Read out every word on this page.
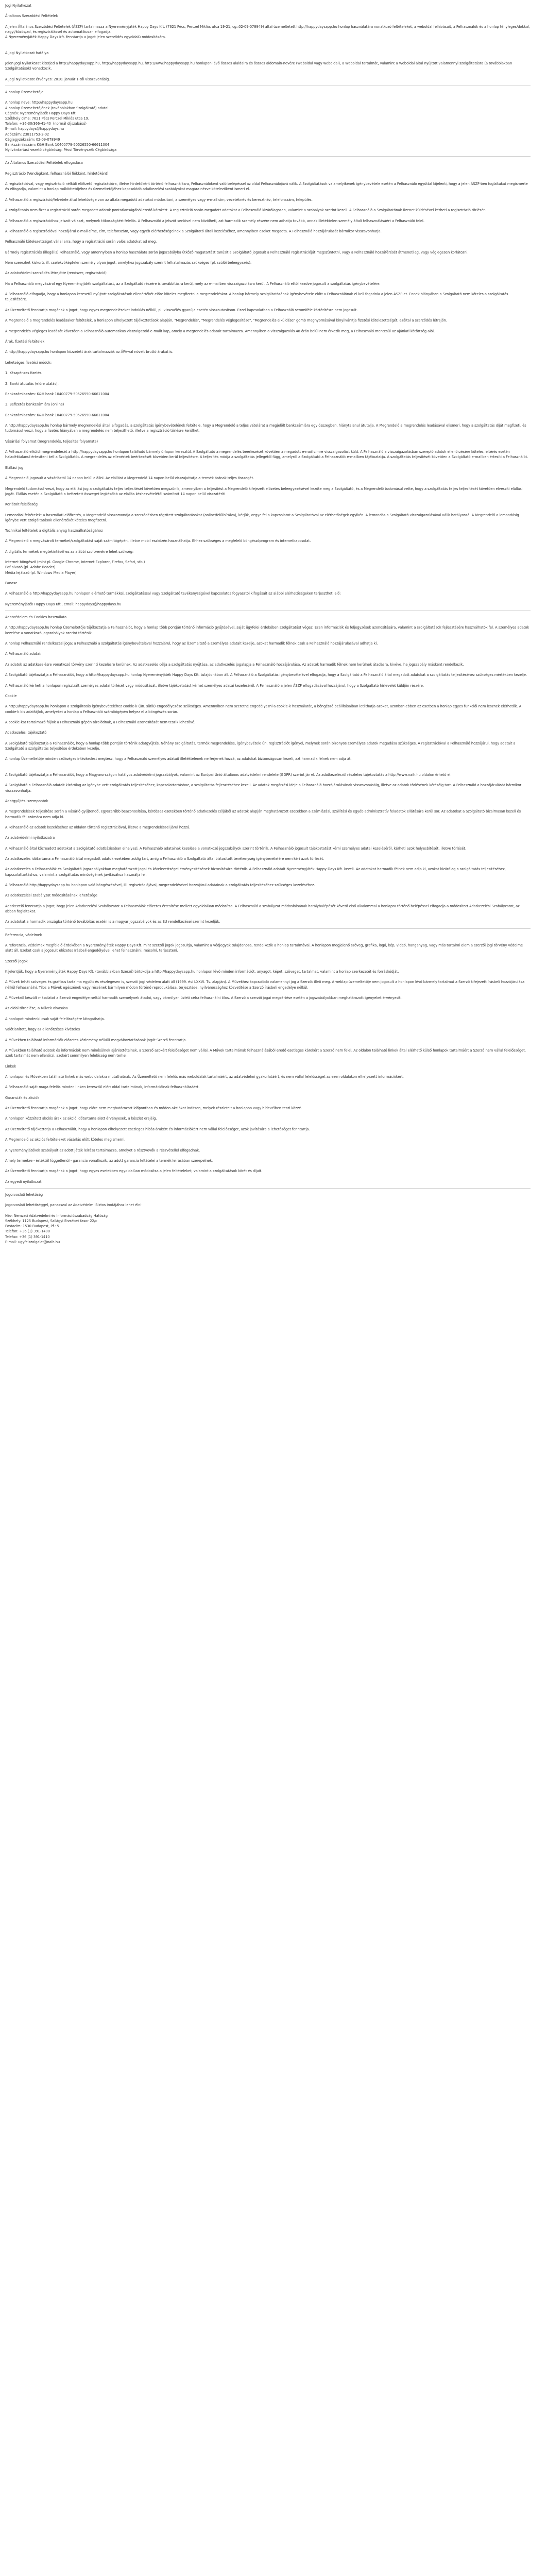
Jogi Nyilatkozat
Általános Szerződési Feltételek
A jelen Általános Szerződési Feltételek (ÁSZF) tartalmazza a Nyereményjáték Happy Days Kft. (7621 Pécs, Perczel Miklós utca 19-21, cg.:02-09-078949) által üzemeltetett http://happydaysapp.hu honlap használatára vonatkozó feltételeket, a weboldal felhívásait, a Felhasználók és a honlap tényleges/dokkal, nagyi/közös/ad, és regisztrálássel és automatikusan elfogadja.
A Nyereményjáték Happy Days Kft. fenntartja a jogot jelen szerződés egyoldalú módosítására.
A Jogi Nyilatkozat hatálya
Jelen Jogi Nyilatkozat kiterjed a http://happydaysapp.hu, http://happydaysapp.hu, http://www.happydaysapp.hu honlapon lévő összes alaldalra és összes aldomain-nevére (Weboldal vagy weboldal), a Weboldal tartalmát, valamint a Weboldal által nyújtott valamennyi szolgáltatásra (a továbbiakban Szolgáltatások) vonatkozik.
A Jogi Nyilatkozat érvényes: 2010. január 1-től visszavonásig.
A honlap üzemeltetője
A honlap neve: http://happydaysapp.hu
A honlap üzemeltetőjének (továbbiakban Szolgáltató) adatai:
Cégnév: Nyereményjáték Happy Days Kft.
Székhely címe: 7621 Pécs Perczel Miklós utca 19.
Telefon: +36-30/366-41-40  (normál díjszabású)
E-mail: happydays@happydays.hu
Adószám: 23811753-2-02
Cégjegyzékszám: 02-09-078949
Bankszámlaszám: K&H Bank 10400779-50526550-66611004
Nyilvántartást vezető cégbíróság: Pécsi Törvényszék Cégbírósága
Az Általános Szerződési Feltételek elfogadása
Regisztráció (Vendégként, felhasználói fiókként, hirdetőként)
A regisztrációval, vagy regisztráció nélküli előfizető regisztrációra, illetve hirdetőként történő felhasználásra, Felhasználóként való belépéssel az oldal Felhasználójává válik. A Szolgáltatások valamelyikének igénybevétele esetén a Felhasználó egyúttal kijelenti, hogy a jelen ÁSZF-ben foglaltakat megismerte és elfogadja, valamint a honlap működtetőjéhez és üzemeltetőjéhez kapcsolódó adatkezelési szabályokat magára nézve kötelezőként ismeri el.
A Felhasználó a regisztráció/felvétele által lehetősége van az általa megadott adatokat módosítani, a személyes vagy e-mail cím, vezetéknév és keresztnév, telefonszám, település.
A szolgáltatás nem fizet a regisztráció során megadott adatok pontatlanságából eredő károkért. A regisztráció során megadott adatokat a Felhasználó kizárólagosan, valamint a szabályok szerint kezeli. A Felhasználó a Szolgáltatónak üzenet küldésével kérheti a regisztráció törlését.
A Felhasználó a regisztrációhoz jelszót választ, melynek titkosságáért felelős. A Felhasználó a jelszót senkivel nem közölheti, azt harmadik személy részére nem adhatja tovább, annak illetéktelen személy általi felhasználásáért a Felhasználó felel.
A Felhasználó a regisztrációval hozzájárul e-mail címe, cím, telefonszám, vagy egyéb elérhetőségeinek a Szolgáltató általi kezeléséhez, amennyiben ezeket megadta. A Felhasználó hozzájárulását bármikor visszavonhatja.
Felhasználó kötelezettséget vállal arra, hogy a regisztráció során valós adatokat ad meg.
Bármely regisztrációs (illegális) Felhasználó, vagy amennyiben a honlap használata során jogszabályba ütköző magatartást tanúsít a Szolgáltató jogosult a Felhasználó regisztrációját megszüntetni, vagy a Felhasználó hozzáférését átmenetileg, vagy véglegesen korlátozni.
Nem szerezhet kiskorú, ill. cselekvőképtelen személy olyan jogot, amelyhez jogszabály szerint felhatalmazás szükséges (pl. szülői beleegyezés).
Az adatvédelmi szerződés létrejötte (rendszer, regisztráció)
Ha a Felhasználó megvásárol egy Nyereményjáték szolgáltatást, az a Szolgáltató részére is továbbításra kerül, mely az e-mailben visszaigazolásra kerül. A Felhasználó ettől kezdve jogosult a szolgáltatás igénybevételére.
A Felhasználó elfogadja, hogy a honlapon keresztül nyújtott szolgáltatások ellenértékét előre köteles megfizetni a megrendeléskor. A honlap bármely szolgáltatásának igénybevétele előtt a Felhasználónak el kell fogadnia a jelen ÁSZF-et. Ennek hiányában a Szolgáltató nem köteles a szolgáltatás teljesítésére.
Az Üzemeltető fenntartja magának a jogot, hogy egyes megrendeléseket indoklás nélkül, pl. visszaélés gyanúja esetén visszautasítson. Ezzel kapcsolatban a Felhasználó semmiféle kártérítésre nem jogosult.
A Megrendelő a megrendelés leadásakor feltételek, a honlapon elhelyezett tájékoztatások alapján, "Megrendelés", "Megrendelés véglegesítése", "Megrendelés elküldése" gomb megnyomásával kinyilvánítja fizetési kötelezettségét, ezáltal a szerződés létrejön.
A megrendelés végleges leadását követően a Felhasználó automatikus visszaigazoló e-mailt kap, amely a megrendelés adatait tartalmazza. Amennyiben a visszaigazolás 48 órán belül nem érkezik meg, a Felhasználó mentesül az ajánlati kötöttség alól.
Árak, fizetési feltételek
A http://happydaysapp.hu honlapon közzétett árak tartalmazzák az ÁFA-val növelt bruttó árakat is.
Lehetséges fizetési módok:
1. Készpénzes fizetés
2. Banki átutalás (előre utalás),
Bankszámlaszám: K&H bank 10400779-50526550-66611004
3. Befizetés bankszámlára (online)
Bankszámlaszám: K&H bank 10400779-50526550-66611004
A http://happydaysapp.hu honlap bármely megrendelési általi elfogadás, a szolgáltatás igénybevételének feltétele, hogy a Megrendelő a teljes vételárat a megjelölt bankszámlára egy összegben, hiánytalanul átutalja. A Megrendelő a megrendelés leadásával elismeri, hogy a szolgáltatás díját megfizeti, és tudomásul veszi, hogy a fizetés hiányában a megrendelés nem teljesíthető, illetve a regisztráció törlésre kerülhet.
Vásárlási folyamat (megrendelés, teljesítés folyamata)
A Felhasználó elküldi megrendelését a http://happydaysapp.hu honlapon található bármely űrlapon keresztül. A Szolgáltató a megrendelés beérkezését követően a megadott e-mail címre visszaigazolást küld. A Felhasználó a visszaigazolásban szereplő adatok ellenőrzésére köteles, eltérés esetén haladéktalanul értesíteni kell a Szolgáltatót. A megrendelés az ellenérték beérkezését követően kerül teljesítésre. A teljesítés módja a szolgáltatás jellegétől függ, amelyről a Szolgáltató a Felhasználót e-mailben tájékoztatja. A szolgáltatás teljesítését követően a Szolgáltató e-mailben értesíti a Felhasználót.
Elállási jog
A Megrendelő jogosult a vásárlástól 14 napon belül elállni. Az elállást a Megrendelő 14 napon belül visszajuttatja a termék árának teljes összegét.
Megrendelő tudomásul veszi, hogy az elállási jog a szolgáltatás teljes teljesítését követően megszűnik, amennyiben a teljesítést a Megrendelő kifejezett előzetes beleegyezésével kezdte meg a Szolgáltató, és a Megrendelő tudomásul vette, hogy a szolgáltatás teljes teljesítését követően elveszíti elállási jogát. Elállás esetén a Szolgáltató a befizetett összeget legkésőbb az elállás kézhezvételétől számított 14 napon belül visszatéríti.
Korlátolt felelősség
Lemondási feltételek: a használati előfizetés, a Megrendelő visszamondja a szerződésben rögzített szolgáltatásokat (online/felülbírálva), kérjük, vegye fel a kapcsolatot a Szolgáltatóval az elérhetőségek egyikén. A lemondás a Szolgáltató visszaigazolásával válik hatályossá. A Megrendelő a lemondásig igénybe vett szolgáltatások ellenértékét köteles megfizetni.
Technikai feltételek a digitális anyag használhatóságához
A Megrendelő a megvásárolt terméket/szolgáltatást saját számítógépén, illetve mobil eszközén használhatja. Ehhez szükséges a megfelelő böngészőprogram és internetkapcsolat.
A digitális termékek megtekintéséhez az alábbi szoftverekre lehet szükség:
Internet böngésző (mint pl. Google Chrome, Internet Explorer, Firefox, Safari, stb.)
Pdf olvasó (pl. Adobe Reader)
Média lejátszó (pl. Windows Media Player)
Panasz
A Felhasználó a http://happydaysapp.hu honlapon elérhető termékkel, szolgáltatással vagy Szolgáltató tevékenységével kapcsolatos fogyasztói kifogásait az alábbi elérhetőségeken terjesztheti elő:
Nyereményjáték Happy Days Kft., email: happydays@happydays.hu
Adatvédelem és Cookies használata
A http://happydaysapp.hu honlap Üzemeltetője tájékoztatja a Felhasználót, hogy a honlap több pontján történő információ gyűjtésével, saját ügyfelei érdekében szolgáltatást végez. Ezen információk és feljegyzések azonosítására, valamint a szolgáltatások fejlesztésére használhatók fel. A személyes adatok kezelése a vonatkozó jogszabályok szerint történik.
A honlap Felhasználó rendelkezési joga: a Felhasználó a szolgáltatás igénybevételével hozzájárul, hogy az Üzemeltető a személyes adatait kezelje, azokat harmadik félnek csak a Felhasználó hozzájárulásával adhatja ki.
A Felhasználó adatai:
Az adatok az adatkezelésre vonatkozó törvény szerinti kezelésre kerülnek. Az adatkezelés célja a szolgáltatás nyújtása, az adatkezelés jogalapja a Felhasználó hozzájárulása. Az adatok harmadik félnek nem kerülnek átadásra, kivéve, ha jogszabály másként rendelkezik.
A Szolgáltató tájékoztatja a Felhasználót, hogy a http://happydaysapp.hu honlap Nyereményjáték Happy Days Kft. tulajdonában áll. A Felhasználó a Szolgáltatás igénybevételével elfogadja, hogy a Szolgáltató a Felhasználó által megadott adatokat a szolgáltatás teljesítéséhez szükséges mértékben kezelje.
A Felhasználó kérheti a honlapon regisztrált személyes adatai törlését vagy módosítását, illetve tájékoztatást kérhet személyes adatai kezeléséről. A Felhasználó a jelen ÁSZF elfogadásával hozzájárul, hogy a Szolgáltató hírlevelet küldjön részére.
Cookie
A http://happydaysapp.hu honlapon a szolgáltatás igénybevételéhez cookie-k (ún. sütik) engedélyezése szükséges. Amennyiben nem szeretné engedélyezni a cookie-k használatát, a böngésző beállításaiban letilthatja azokat, azonban ebben az esetben a honlap egyes funkciói nem lesznek elérhetők. A cookie-k kis adatfájlok, amelyeket a honlap a Felhasználó számítógépén helyez el a böngészés során.
A cookie-kat tartalmazó fájlok a Felhasználó gépén tárolódnak, a Felhasználó azonosítását nem teszik lehetővé.
Adatkezelési tájékoztató
A Szolgáltató tájékoztatja a Felhasználót, hogy a honlap több pontján történik adatgyűjtés. Néhány szolgáltatás, termék megrendelése, igénybevétele ún. regisztrációt igényel, melynek során bizonyos személyes adatok megadása szükséges. A regisztrációval a Felhasználó hozzájárul, hogy adatait a Szolgáltató a szolgáltatás teljesítése érdekében kezelje.
A honlap Üzemeltetője minden szükséges intézkedést megtesz, hogy a Felhasználó személyes adatait illetéktelenek ne férjenek hozzá, az adatokat biztonságosan kezeli, azt harmadik félnek nem adja át.
A Szolgáltató tájékoztatja a Felhasználót, hogy a Magyarországon hatályos adatvédelmi jogszabályok, valamint az Európai Unió általános adatvédelmi rendelete (GDPR) szerint jár el. Az adatkezelésről részletes tájékoztatás a http://www.naih.hu oldalon érhető el.
A Szolgáltató a Felhasználó adatait kizárólag az igénybe vett szolgáltatás teljesítéséhez, kapcsolattartáshoz, a szolgáltatás fejlesztéséhez kezeli. Az adatok megőrzési ideje a Felhasználó hozzájárulásának visszavonásáig, illetve az adatok törlésének kéréséig tart. A Felhasználó a hozzájárulását bármikor visszavonhatja.
Adatgyűjtési szempontok
A megrendelések teljesítése során a vásárló gyűjtendő, egyszerűbb beazonosítása, kérdéses esetekben történő adatkezelés céljából az adatok alapján meghatározott esetekben a számlázási, szállítási és egyéb adminisztratív feladatok ellátására kerül sor. Az adatokat a Szolgáltató bizalmasan kezeli és harmadik fél számára nem adja ki.
A Felhasználó az adatok kezeléséhez az oldalon történő regisztrációval, illetve a megrendeléssel járul hozzá.
Az adatvédelmi nyilatkozatra
A Felhasználó által közreadott adatokat a Szolgáltató adatbázisában elhelyezi. A Felhasználó adatainak kezelése a vonatkozó jogszabályok szerint történik. A Felhasználó jogosult tájékoztatást kérni személyes adatai kezeléséről, kérheti azok helyesbítését, illetve törlését.
Az adatkezelés időtartama a Felhasználó által megadott adatok esetében addig tart, amíg a Felhasználó a Szolgáltató által biztosított tevékenység igénybevételére nem kéri azok törlését.
Az adatkezelés a Felhasználók és Szolgáltató jogszabályokban meghatározott jogai és kötelezettségei érvényesítésének biztosítására történik. A Felhasználó adatait Nyereményjáték Happy Days Kft. kezeli. Az adatokat harmadik félnek nem adja ki, azokat kizárólag a szolgáltatás teljesítéséhez, kapcsolattartáshoz, valamint a szolgáltatás minőségének javításához használja fel.
A Felhasználó http://happydaysapp.hu honlapon való böngészésével, ill. regisztrációjával, megrendelésével hozzájárul adatainak a szolgáltatás teljesítéséhez szükséges kezeléséhez.
Az adatkezelési szabályzat módosításának lehetősége
Adatkezelő fenntartja a jogot, hogy jelen Adatkezelési Szabályzatot a Felhasználók előzetes értesítése mellett egyoldalúan módosítsa. A Felhasználó a szabályzat módosításának hatálybalépését követő első alkalommal a honlapra történő belépéssel elfogadja a módosított Adatkezelési Szabályzatot, az abban foglaltakat.
Az adatokat a harmadik országba történő továbbítás esetén is a magyar jogszabályok és az EU rendelkezései szerint kezeljük.
Referencia, védelmek
A referencia, védelmek megfelelő érdekében a Nyereményjáték Happy Days Kft. mint szerzői jogok jogosultja, valamint a védjegyek tulajdonosa, rendelkezik a honlap tartalmával. A honlapon megjelenő szöveg, grafika, logó, kép, videó, hanganyag, vagy más tartalmi elem a szerzői jogi törvény védelme alatt áll. Ezeket csak a jogosult előzetes írásbeli engedélyével lehet felhasználni, másolni, terjeszteni.
Szerzői jogok
Kijelentjük, hogy a Nyereményjáték Happy Days Kft. (továbbiakban Szerző) birtokolja a http://happydaysapp.hu honlapon lévő minden információt, anyagot, képet, szöveget, tartalmat, valamint a honlap szerkezetét és forráskódját.
A Művek tehát szöveges és grafikus tartalma együtt és részlegesen is, szerzői jogi védelem alatt áll (1999. évi LXXVI. Tv. alapján). A Művekhez kapcsolódó valamennyi jog a Szerzőt illeti meg. A weblap üzemeltetője nem jogosult a honlapon lévő bármely tartalmat a Szerző kifejezett írásbeli hozzájárulása nélkül felhasználni. Tilos a Művek egészének vagy részének bármilyen módon történő reprodukálása, terjesztése, nyilvánossághoz közvetítése a Szerző írásbeli engedélye nélkül.
A Művekről készült másolatot a Szerző engedélye nélkül harmadik személynek átadni, vagy bármilyen üzleti célra felhasználni tilos. A Szerző a szerzői jogai megsértése esetén a jogszabályokban meghatározott igényeket érvényesíti.
Az oldal tördelése, a Művek olvasása
A honlapot mindenki csak saját felelősségére látogathatja.
Valótlanított, hogy az ellenőrzéses kivételes
A Művekben található információk előzetes közlemény nélküli megváltoztatásának jogát Szerző fenntartja.
A Művekben található adatok és információk nem minősülnek ajánlattételnek, a Szerző azokért felelősséget nem vállal. A Művek tartalmának felhasználásából eredő esetleges károkért a Szerző nem felel. Az oldalon található linkek által elérhető külső honlapok tartalmáért a Szerző nem vállal felelősséget, azok tartalmát nem ellenőrzi, azokért semmilyen felelősség nem terheli.
Linkek
A honlapon és Művekben található linkek más weboldalakra mutathatnak. Az Üzemeltető nem felelős más weboldalak tartalmáért, az adatvédelmi gyakorlatáért, és nem vállal felelősséget az ezen oldalakon elhelyezett információkért.
A Felhasználó saját maga felelős minden linken keresztül elért oldal tartalmának, információinak felhasználásáért.
Garanciák és akciók
Az Üzemeltető fenntartja magának a jogot, hogy előre nem meghatározott időpontban és módon akciókat indítson, melyek részleteit a honlapon vagy hírlevélben teszi közzé.
A honlapon közzétett akciós árak az akció időtartama alatt érvényesek, a készlet erejéig.
Az Üzemeltető tájékoztatja a Felhasználót, hogy a honlapon elhelyezett esetleges hibás árakért és információkért nem vállal felelősséget, azok javítására a lehetőséget fenntartja.
A Megrendelő az akciós feltételeket vásárlás előtt köteles megismerni.
A nyereményjátékok szabályait az adott játék leírása tartalmazza, amelyet a résztvevők a részvétellel elfogadnak.
Amely termékre - értéktől függetlenül - garancia vonatkozik, az adott garancia feltételei a termék leírásában szerepelnek.
Az Üzemeltető fenntartja magának a jogot, hogy egyes esetekben egyoldalúan módosítsa a jelen feltételeket, valamint a szolgáltatások körét és díjait.
Az egyedi nyilatkozat
Jogorvoslati lehetőség
Jogorvoslati lehetőséggel, panasszal az Adatvédelmi Biztos irodájához lehet élni:
Név: Nemzeti Adatvédelmi és Információszabadság Hatóság
Székhely: 1125 Budapest, Szilágyi Erzsébet fasor 22/c
Postacím: 1530 Budapest, Pf.: 5
Telefon: +36 (1) 391-1400
Telefax: +36 (1) 391-1410
E-mail: ugyfelszolgalat@naih.hu
